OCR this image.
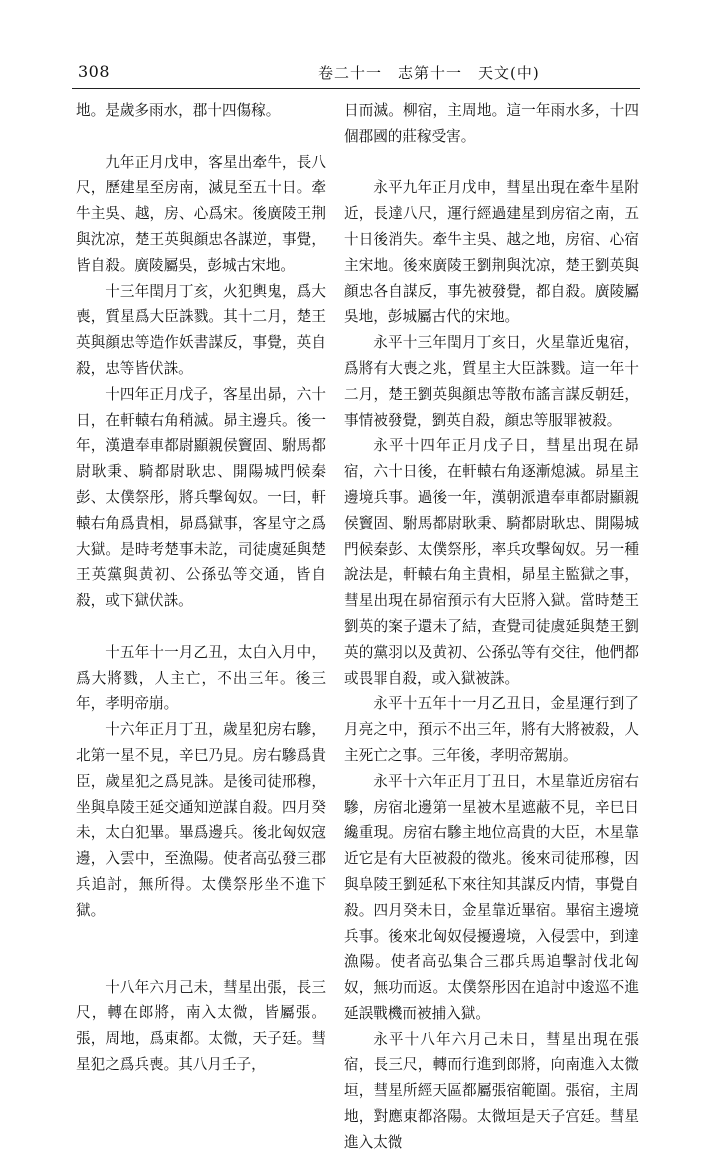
308	卷二十一　志第十一　天文(中)

地。是歲多雨水，郡十四傷稼。

九年正月戊申，客星出牽牛，長八尺，歷建星至房南，滅見至五十日。牽牛主吳、越，房、心爲宋。後廣陵王荆與沈凉，楚王英與顔忠各謀逆，事覺，皆自殺。廣陵屬吳，彭城古宋地。

十三年閏月丁亥，火犯輿鬼，爲大喪，質星爲大臣誅戮。其十二月，楚王英與顔忠等造作妖書謀反，事覺，英自殺，忠等皆伏誅。

十四年正月戊子，客星出昴，六十日，在軒轅右角稍滅。昴主邊兵。後一年，漢遣奉車都尉顯親侯竇固、駙馬都尉耿秉、騎都尉耿忠、開陽城門候秦彭、太僕祭彤，將兵擊匈奴。一曰，軒轅右角爲貴相，昴爲獄事，客星守之爲大獄。是時考楚事未訖，司徒虞延與楚王英黨與黄初、公孫弘等交通，皆自殺，或下獄伏誅。

十五年十一月乙丑，太白入月中，爲大將戮，人主亡，不出三年。後三年，孝明帝崩。

十六年正月丁丑，歲星犯房右驂，北第一星不見，辛巳乃見。房右驂爲貴臣，歲星犯之爲見誅。是後司徒邢穆，坐與阜陵王延交通知逆謀自殺。四月癸未，太白犯畢。畢爲邊兵。後北匈奴寇邊，入雲中，至漁陽。使者高弘發三郡兵追討，無所得。太僕祭彤坐不進下獄。

十八年六月己未，彗星出張，長三尺，轉在郎將，南入太微，皆屬張。張，周地，爲東都。太微，天子廷。彗星犯之爲兵喪。其八月壬子，

日而滅。柳宿，主周地。這一年雨水多，十四個郡國的莊稼受害。

永平九年正月戊申，彗星出現在牽牛星附近，長達八尺，運行經過建星到房宿之南，五十日後消失。牽牛主吳、越之地，房宿、心宿主宋地。後來廣陵王劉荆與沈凉，楚王劉英與顔忠各自謀反，事先被發覺，都自殺。廣陵屬吳地，彭城屬古代的宋地。

永平十三年閏月丁亥日，火星靠近鬼宿，爲將有大喪之兆，質星主大臣誅戮。這一年十二月，楚王劉英與顔忠等散布謠言謀反朝廷，事情被發覺，劉英自殺，顔忠等服罪被殺。

永平十四年正月戊子日，彗星出現在昴宿，六十日後，在軒轅右角逐漸熄滅。昴星主邊境兵事。過後一年，漢朝派遣奉車都尉顯親侯竇固、駙馬都尉耿秉、騎都尉耿忠、開陽城門候秦彭、太僕祭彤，率兵攻擊匈奴。另一種說法是，軒轅右角主貴相，昴星主監獄之事，彗星出現在昴宿預示有大臣將入獄。當時楚王劉英的案子還未了結，查覺司徒虞延與楚王劉英的黨羽以及黄初、公孫弘等有交往，他們都或畏罪自殺，或入獄被誅。

永平十五年十一月乙丑日，金星運行到了月亮之中，預示不出三年，將有大將被殺，人主死亡之事。三年後，孝明帝駕崩。

永平十六年正月丁丑日，木星靠近房宿右驂，房宿北邊第一星被木星遮蔽不見，辛巳日纔重現。房宿右驂主地位高貴的大臣，木星靠近它是有大臣被殺的徵兆。後來司徒邢穆，因與阜陵王劉延私下來往知其謀反内情，事覺自殺。四月癸未日，金星靠近畢宿。畢宿主邊境兵事。後來北匈奴侵擾邊境，入侵雲中，到達漁陽。使者高弘集合三郡兵馬追擊討伐北匈奴，無功而返。太僕祭彤因在追討中逡巡不進延誤戰機而被捕入獄。

永平十八年六月己未日，彗星出現在張宿，長三尺，轉而行進到郎將，向南進入太微垣，彗星所經天區都屬張宿範圍。張宿，主周地，對應東都洛陽。太微垣是天子宫廷。彗星進入太微
